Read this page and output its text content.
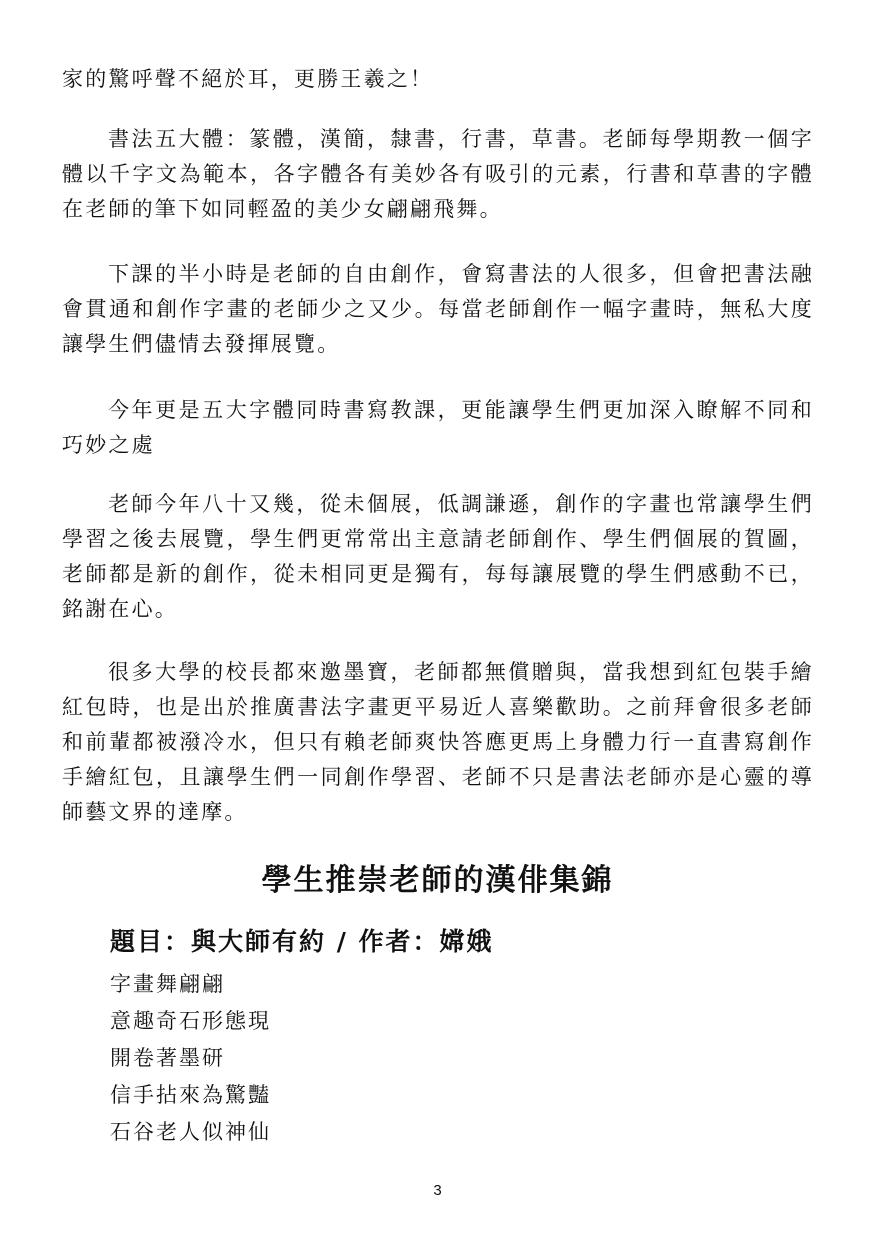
家的驚呼聲不絕於耳，更勝王羲之！

書法五大體：篆體，漢簡，隸書，行書，草書。老師每學期教一個字體以千字文為範本，各字體各有美妙各有吸引的元素，行書和草書的字體在老師的筆下如同輕盈的美少女翩翩飛舞。

下課的半小時是老師的自由創作，會寫書法的人很多，但會把書法融會貫通和創作字畫的老師少之又少。每當老師創作一幅字畫時，無私大度讓學生們儘情去發揮展覽。

今年更是五大字體同時書寫教課，更能讓學生們更加深入瞭解不同和巧妙之處

老師今年八十又幾，從未個展，低調謙遜，創作的字畫也常讓學生們學習之後去展覽，學生們更常常出主意請老師創作、學生們個展的賀圖，老師都是新的創作，從未相同更是獨有，每每讓展覽的學生們感動不已，銘謝在心。

很多大學的校長都來邀墨寶，老師都無償贈與，當我想到紅包裝手繪紅包時，也是出於推廣書法字畫更平易近人喜樂歡助。之前拜會很多老師和前輩都被潑冷水，但只有賴老師爽快答應更馬上身體力行一直書寫創作手繪紅包，且讓學生們一同創作學習、老師不只是書法老師亦是心靈的導師藝文界的達摩。

學生推崇老師的漢俳集錦
題目：與大師有約 / 作者：嫦娥
字畫舞翩翩
意趣奇石形態現
開卷著墨研
信手拈來為驚豔
石谷老人似神仙
3
